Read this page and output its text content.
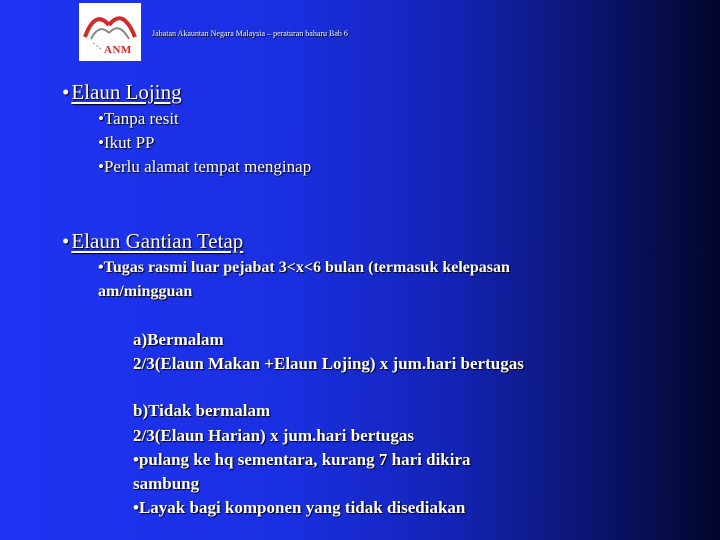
ANM
Jabatan Akauntan Negara Malaysia – peraturan baharu Bab 6
•Elaun Lojing
•Tanpa resit
•Ikut PP
•Perlu alamat tempat menginap
•Elaun Gantian Tetap
•Tugas rasmi luar pejabat 3<x<6 bulan (termasuk kelepasan
am/mingguan
a)Bermalam
2/3(Elaun Makan +Elaun Lojing) x jum.hari bertugas
b)Tidak bermalam
2/3(Elaun Harian) x jum.hari bertugas
•pulang ke hq sementara, kurang 7 hari dikira
sambung
•Layak bagi komponen yang tidak disediakan
